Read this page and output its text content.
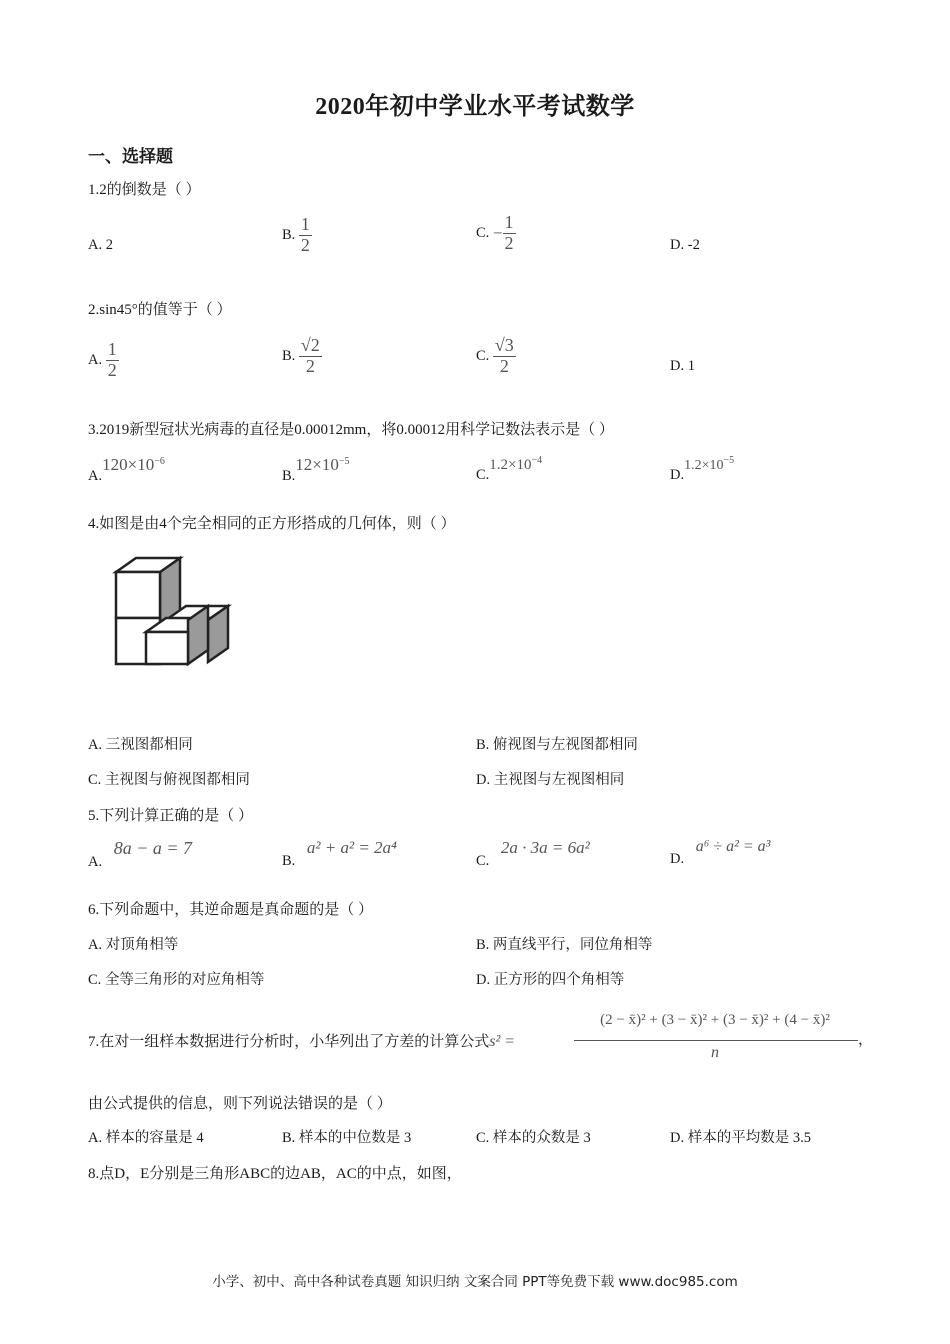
2020年初中学业水平考试数学
一、选择题
1.2的倒数是（ ）
A. 2
B. $\frac{1}{2}$	C. − $\frac{1}{2}$	D. -2
2.sin45°的值等于（ ）
A. $\frac{1}{2}$	B. $\frac{√2}{2}$	C. $\frac{√3}{2}$	D. 1
3.2019新型冠状光病毒的直径是0.00012mm，将0.00012用科学记数法表示是（ ）
$A.120\times 10^{-6}$
$B.12\times 10^{-5}$
$C.1.2\times 10^{-4}$
$D.1.2\times 10^{-5}$
4.如图是由4个完全相同的正方形搭成的几何体，则（ ）
A. 三视图都相同	B. 俯视图与左视图都相同
C. 主视图与俯视图都相同	D. 主视图与左视图相同
5.下列计算正确的是（ ）
A. 8a − a = 7
B. a² + a² = 2a⁴
C. 2a · 3a = 6a²
D. a⁶ ÷ a² = a³
6.下列命题中，其逆命题是真命题的是（ ）
A. 对顶角相等	B. 两直线平行，同位角相等
C. 全等三角形的对应角相等	D. 正方形的四个角相等
7.在对一组样本数据进行分析时，小华列出了方差的计算公式s² =
(2 − x̄)² + (3 − x̄)² + (3 − x̄)² + (4 − x̄)²
n
，
由公式提供的信息，则下列说法错误的是（ ）
A. 样本的容量是 4	B. 样本的中位数是 3	C. 样本的众数是 3	D. 样本的平均数是 3.5
8.点D，E分别是三角形ABC的边AB，AC的中点，如图，
小学、初中、高中各种试卷真题 知识归纳 文案合同 PPT等免费下载 www.doc985.com
